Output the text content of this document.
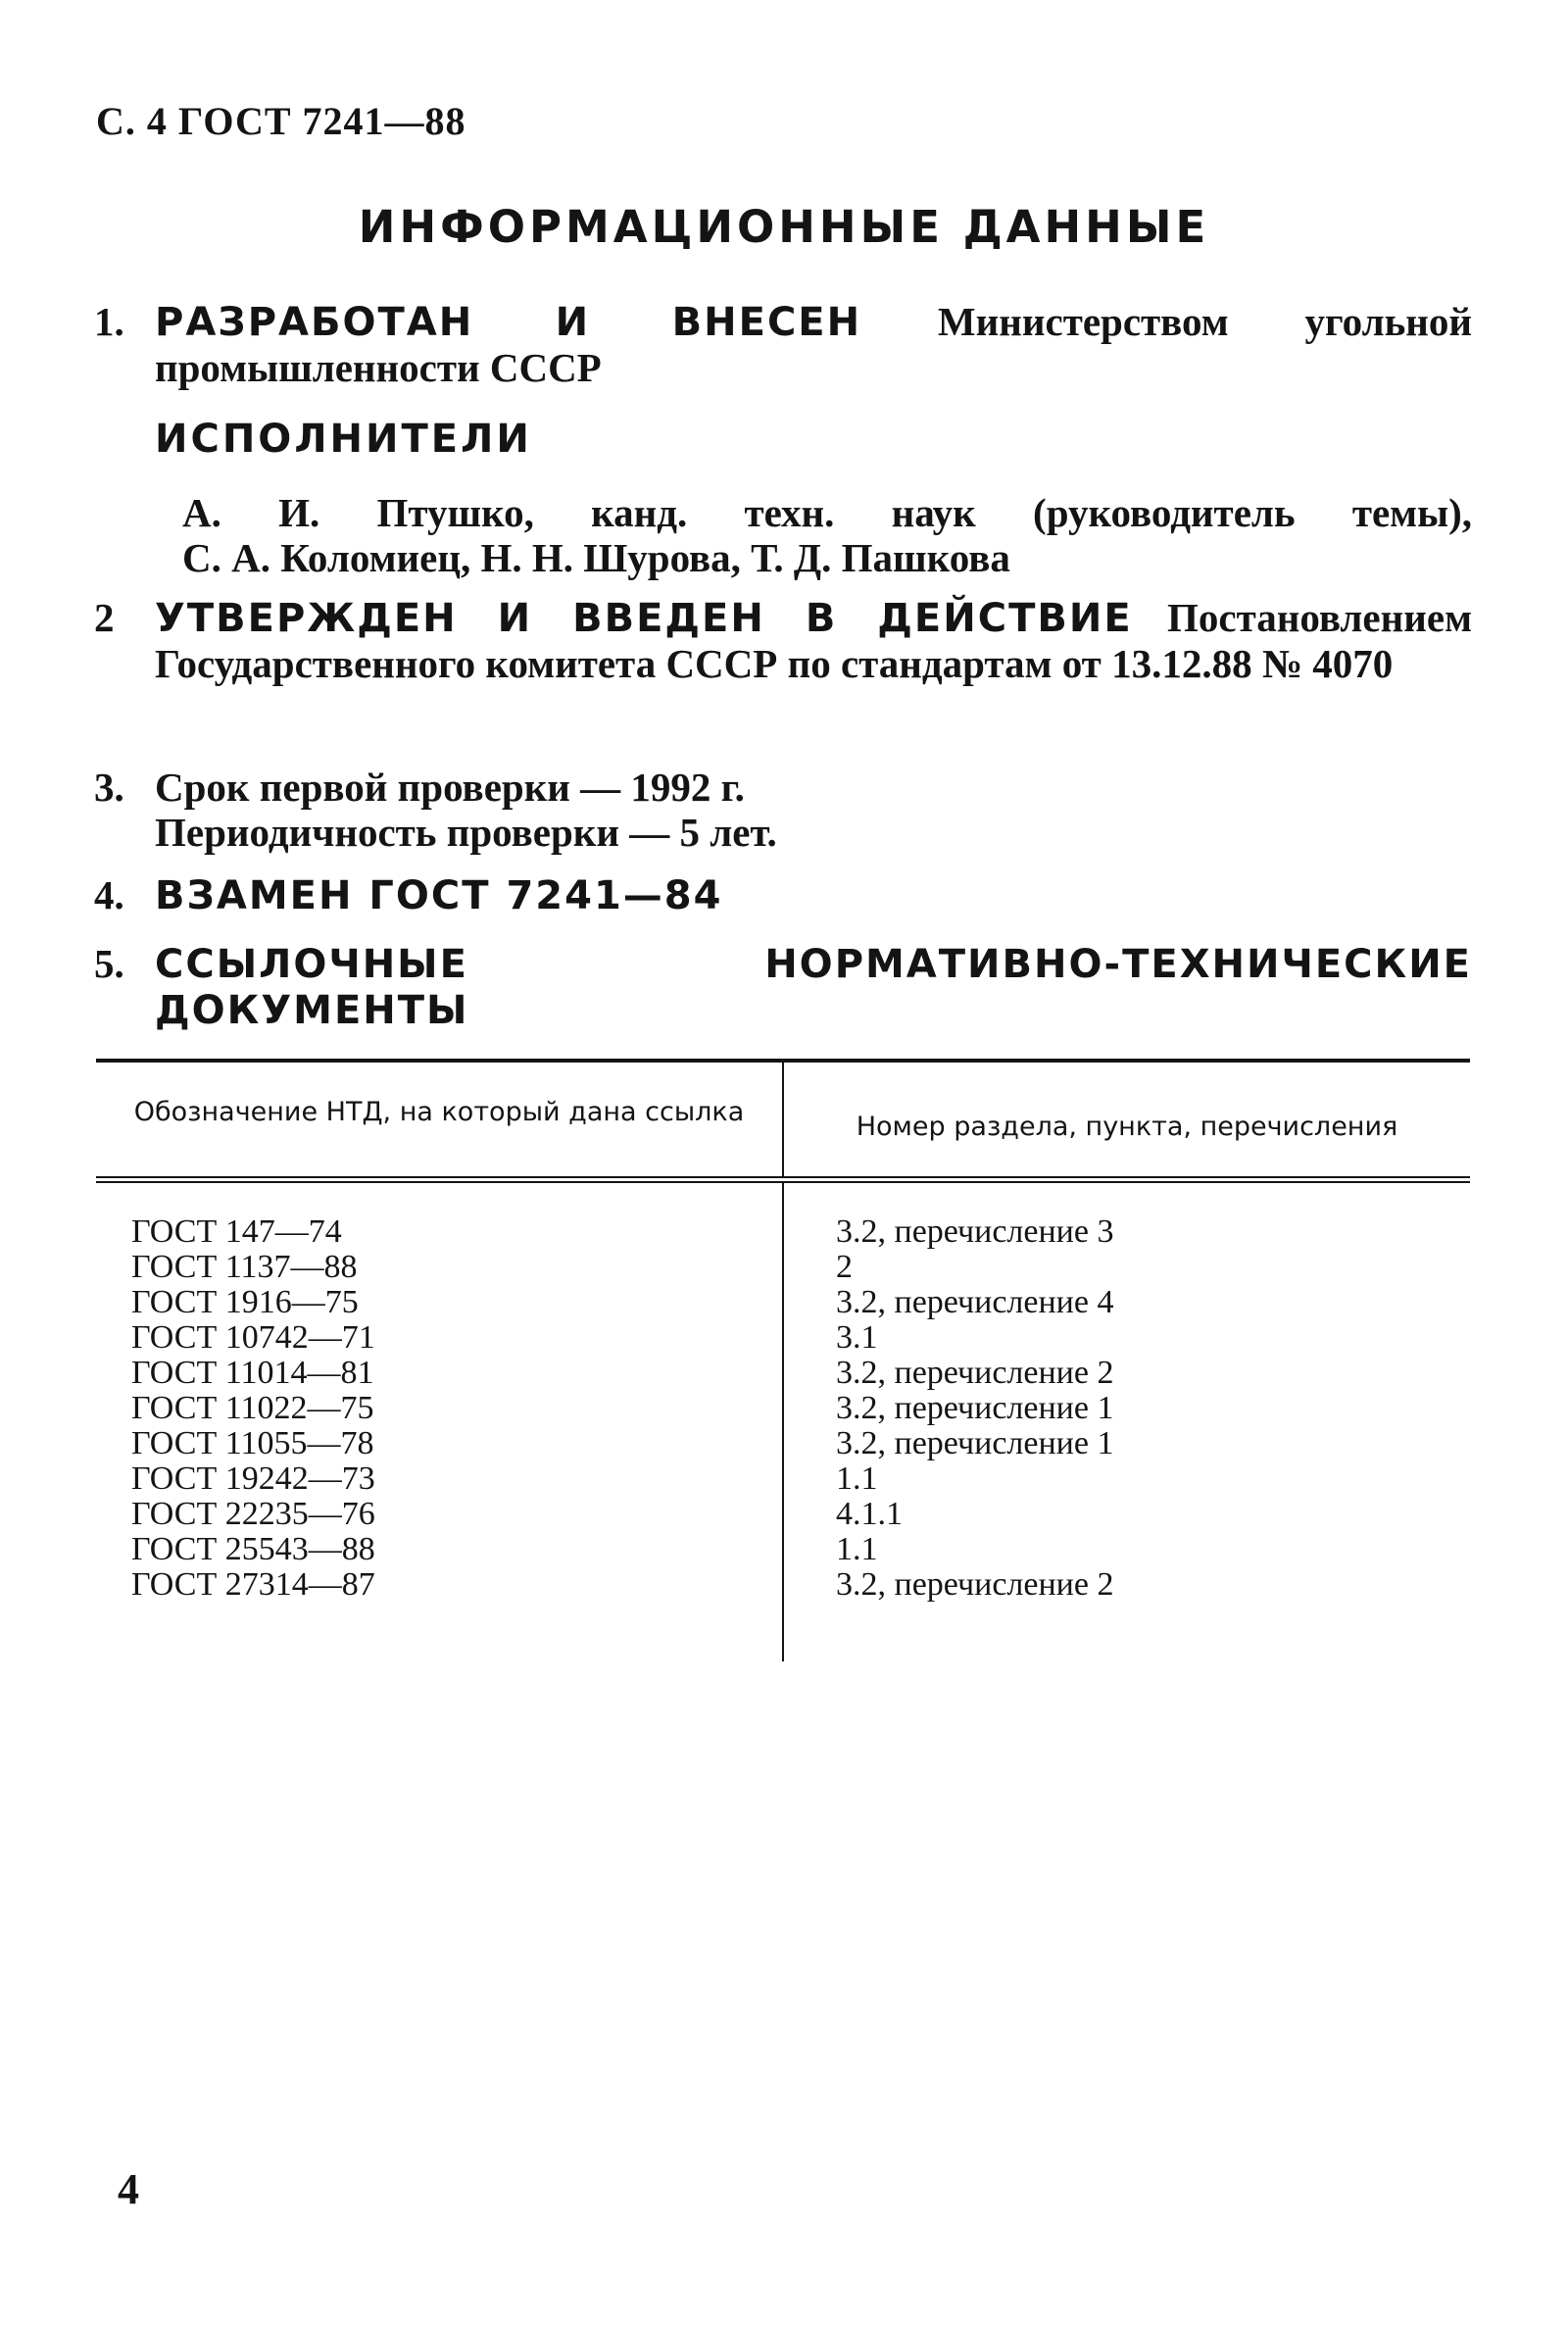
С. 4 ГОСТ 7241—88
ИНФОРМАЦИОННЫЕ ДАННЫЕ
1. РАЗРАБОТАН И ВНЕСЕН Министерством угольной промышленности СССР
ИСПОЛНИТЕЛИ
А. И. Птушко, канд. техн. наук (руководитель темы),
С. А. Коломиец, Н. Н. Шурова, Т. Д. Пашкова
2 УТВЕРЖДЕН И ВВЕДЕН В ДЕЙСТВИЕ Постановлением Государственного комитета СССР по стандартам от 13.12.88 № 4070
3. Срок первой проверки — 1992 г.
Периодичность проверки — 5 лет.
4. ВЗАМЕН ГОСТ 7241—84
5. ССЫЛОЧНЫЕ НОРМАТИВНО-ТЕХНИЧЕСКИЕ ДОКУМЕНТЫ
Обозначение НТД, на который дана ссылка	Номер раздела, пункта, перечисления
ГОСТ 147—74
ГОСТ 1137—88
ГОСТ 1916—75
ГОСТ 10742—71
ГОСТ 11014—81
ГОСТ 11022—75
ГОСТ 11055—78
ГОСТ 19242—73
ГОСТ 22235—76
ГОСТ 25543—88
ГОСТ 27314—87
3.2, перечисление 3
2
3.2, перечисление 4
3.1
3.2, перечисление 2
3.2, перечисление 1
3.2, перечисление 1
1.1
4.1.1
1.1
3.2, перечисление 2
4
